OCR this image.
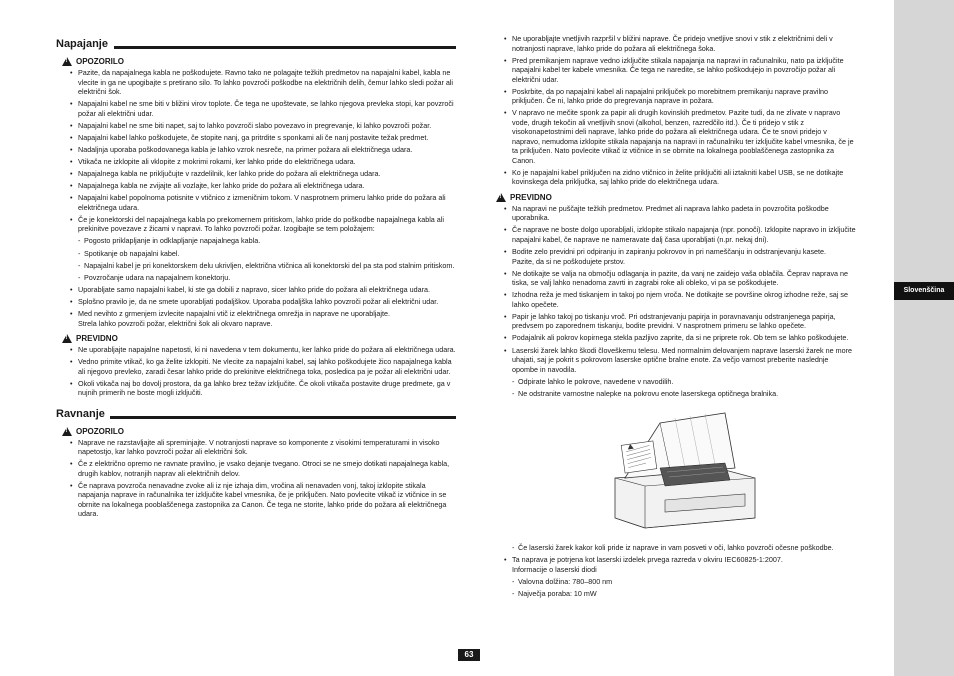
Slovenščina
Napajanje
!
OPOZORILO
• Pazite, da napajalnega kabla ne poškodujete. Ravno tako ne polagajte težkih predmetov na napajalni kabel, kabla ne vlecite in ga ne upogibajte s pretirano silo. To lahko povzroči poškodbe na električnih delih, čemur lahko sledi požar ali električni šok.
• Napajalni kabel ne sme biti v bližini virov toplote. Če tega ne upoštevate, se lahko njegova prevleka stopi, kar povzroči požar ali električni udar.
• Napajalni kabel ne sme biti napet, saj to lahko povzroči slabo povezavo in pregrevanje, ki lahko povzroči požar.
• Napajalni kabel lahko poškodujete, če stopite nanj, ga pritrdite s sponkami ali če nanj postavite težak predmet.
• Nadaljnja uporaba poškodovanega kabla je lahko vzrok nesreče, na primer požara ali električnega udara.
• Vtikača ne izklopite ali vklopite z mokrimi rokami, ker lahko pride do električnega udara.
• Napajalnega kabla ne priključujte v razdelilnik, ker lahko pride do požara ali električnega udara.
• Napajalnega kabla ne zvijajte ali vozlajte, ker lahko pride do požara ali električnega udara.
• Napajalni kabel popolnoma potisnite v vtičnico z izmeničnim tokom. V nasprotnem primeru lahko pride do požara ali električnega udara.
• Če je konektorski del napajalnega kabla po prekomernem pritiskom, lahko pride do poškodbe napajalnega kabla ali prekinitve povezave z žicami v napravi. To lahko povzroči požar. Izogibajte se tem položajem:
- Pogosto priklapljanje in odklapljanje napajalnega kabla.
- Spotikanje ob napajalni kabel.
- Napajalni kabel je pri konektorskem delu ukrivljen, električna vtičnica ali konektorski del pa sta pod stalnim pritiskom.
- Povzročanje udara na napajalnem konektorju.
• Uporabljate samo napajalni kabel, ki ste ga dobili z napravo, sicer lahko pride do požara ali električnega udara.
• Splošno pravilo je, da ne smete uporabljati podaljškov. Uporaba podaljška lahko povzroči požar ali električni udar.
• Med nevihto z grmenjem izvlecite napajalni vtič iz električnega omrežja in naprave ne uporabljajte.
Strela lahko povzroči požar, električni šok ali okvaro naprave.
!
PREVIDNO
• Ne uporabljajte napajalne napetosti, ki ni navedena v tem dokumentu, ker lahko pride do požara ali električnega udara.
• Vedno primite vtikač, ko ga želite izklopiti. Ne vlecite za napajalni kabel, saj lahko poškodujete žico napajalnega kabla ali njegovo prevleko, zaradi česar lahko pride do prekinitve električnega toka, posledica pa je požar ali električni udar.
• Okoli vtikača naj bo dovolj prostora, da ga lahko brez težav izključite. Če okoli vtikača postavite druge predmete, ga v nujnih primerih ne boste mogli izključiti.
Ravnanje
!
OPOZORILO
• Naprave ne razstavljajte ali spreminjajte. V notranjosti naprave so komponente z visokimi temperaturami in visoko napetostjo, kar lahko povzroči požar ali električni šok.
• Če z električno opremo ne ravnate pravilno, je vsako dejanje tvegano. Otroci se ne smejo dotikati napajalnega kabla, drugih kablov, notranjih naprav ali električnih delov.
• Če naprava povzroča nenavadne zvoke ali iz nje izhaja dim, vročina ali nenavaden vonj, takoj izklopite stikala napajanja naprave in računalnika ter izključite kabel vmesnika, če je priključen. Nato povlecite vtikač iz vtičnice in se obrnite na lokalnega pooblaščenega zastopnika za Canon. Če tega ne storite, lahko pride do požara ali električnega udara.
• Ne uporabljajte vnetljivih razpršil v bližini naprave. Če pridejo vnetljive snovi v stik z električnimi deli v notranjosti naprave, lahko pride do požara ali električnega šoka.
• Pred premikanjem naprave vedno izključite stikala napajanja na napravi in računalniku, nato pa izključite napajalni kabel ter kabele vmesnika. Če tega ne naredite, se lahko poškodujejo in povzročijo požar ali električni udar.
• Poskrbite, da po napajalni kabel ali napajalni priključek po morebitnem premikanju naprave pravilno priključen. Če ni, lahko pride do pregrevanja naprave in požara.
• V napravo ne mečite sponk za papir ali drugih kovinskih predmetov. Pazite tudi, da ne zlivate v napravo vode, drugih tekočin ali vnetljivih snovi (alkohol, benzen, razredčilo itd.). Če ti pridejo v stik z visokonapetostnimi deli naprave, lahko pride do požara ali električnega udara. Če te snovi pridejo v napravo, nemudoma izklopite stikala napajanja na napravi in računalniku ter izključite kabel vmesnika, če je ta priključen. Nato povlecite vtikač iz vtičnice in se obrnite na lokalnega pooblaščenega zastopnika za Canon.
• Ko je napajalni kabel priključen na zidno vtičnico in želite priključiti ali iztakniti kabel USB, se ne dotikajte kovinskega dela priključka, saj lahko pride do električnega udara.
!
PREVIDNO
• Na napravi ne puščajte težkih predmetov. Predmet ali naprava lahko padeta in povzročita poškodbe uporabnika.
• Če naprave ne boste dolgo uporabljali, izklopite stikalo napajanja (npr. ponoči). Izklopite napravo in izključite napajalni kabel, če naprave ne nameravate dalj časa uporabljati (n.pr. nekaj dni).
• Bodite zelo previdni pri odpiranju in zapiranju pokrovov in pri nameščanju in odstranjevanju kasete.
Pazite, da si ne poškodujete prstov.
• Ne dotikajte se valja na območju odlaganja in pazite, da vanj ne zaidejo vaša oblačila. Čeprav naprava ne tiska, se valj lahko nenadoma zavrti in zagrabi roke ali obleko, vi pa se poškodujete.
• Izhodna reža je med tiskanjem in takoj po njem vroča. Ne dotikajte se površine okrog izhodne reže, saj se lahko opečete.
• Papir je lahko takoj po tiskanju vroč. Pri odstranjevanju papirja in poravnavanju odstranjenega papirja, predvsem po zaporednem tiskanju, bodite previdni. V nasprotnem primeru se lahko opečete.
• Podajalnik ali pokrov kopirnega stekla pazljivo zaprite, da si ne priprete rok. Ob tem se lahko poškodujete.
• Laserski žarek lahko škodi človeškemu telesu. Med normalnim delovanjem naprave laserski žarek ne more uhajati, saj je pokrit s pokrovom laserske optične bralne enote. Za večjo varnost preberite naslednje opombe in navodila.
- Odpirate lahko le pokrove, navedene v navodilih.
- Ne odstranite varnostne nalepke na pokrovu enote laserskega optičnega bralnika.
- Če laserski žarek kakor koli pride iz naprave in vam posveti v oči, lahko povzroči očesne poškodbe.
• Ta naprava je potrjena kot laserski izdelek prvega razreda v okviru IEC60825-1:2007.
Informacije o laserski diodi
- Valovna dolžina: 780–800 nm
- Največja poraba: 10 mW
63
